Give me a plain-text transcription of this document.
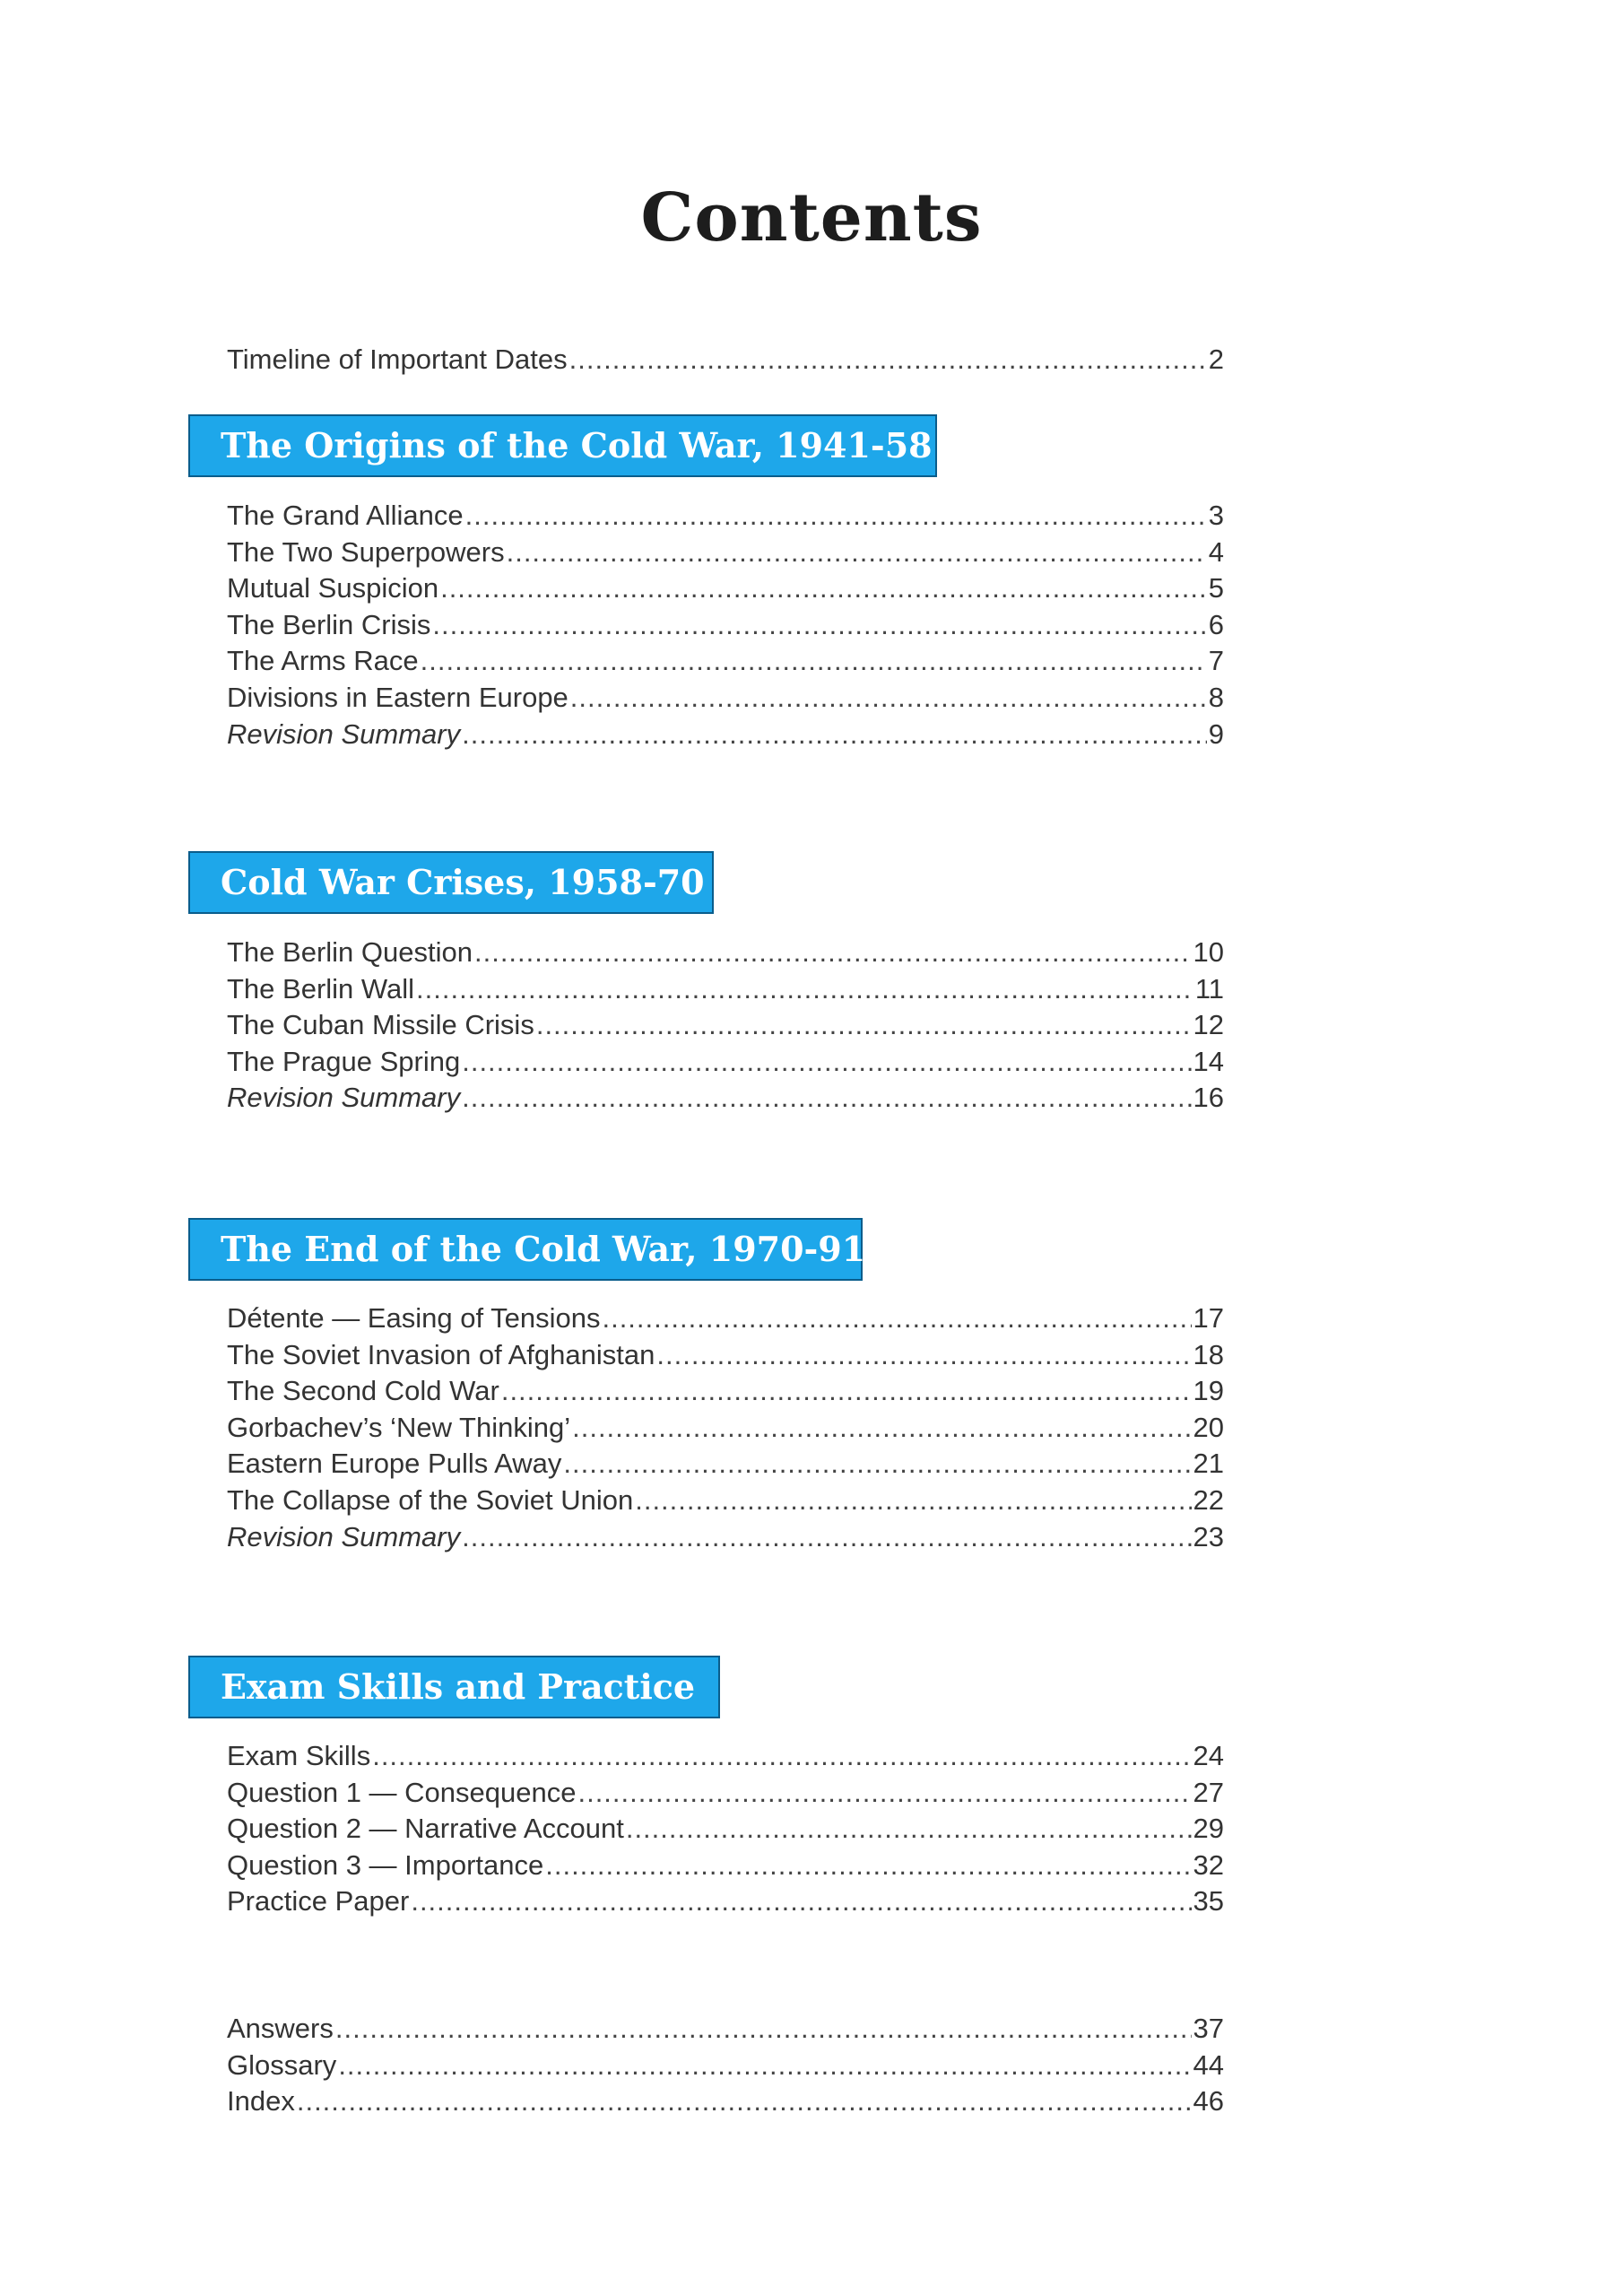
Contents
Timeline of Important Dates .....	2
The Origins of the Cold War, 1941-58
The Grand Alliance .....	3
The Two Superpowers .....	4
Mutual Suspicion .....	5
The Berlin Crisis .....	6
The Arms Race .....	7
Divisions in Eastern Europe .....	8
Revision Summary .....	9
Cold War Crises, 1958-70
The Berlin Question .....	10
The Berlin Wall .....	11
The Cuban Missile Crisis .....	12
The Prague Spring .....	14
Revision Summary .....	16
The End of the Cold War, 1970-91
Détente — Easing of Tensions .....	17
The Soviet Invasion of Afghanistan .....	18
The Second Cold War .....	19
Gorbachev’s ‘New Thinking’ .....	20
Eastern Europe Pulls Away .....	21
The Collapse of the Soviet Union .....	22
Revision Summary .....	23
Exam Skills and Practice
Exam Skills .....	24
Question 1 — Consequence .....	27
Question 2 — Narrative Account .....	29
Question 3 — Importance .....	32
Practice Paper .....	35
Answers .....	37
Glossary .....	44
Index .....	46
